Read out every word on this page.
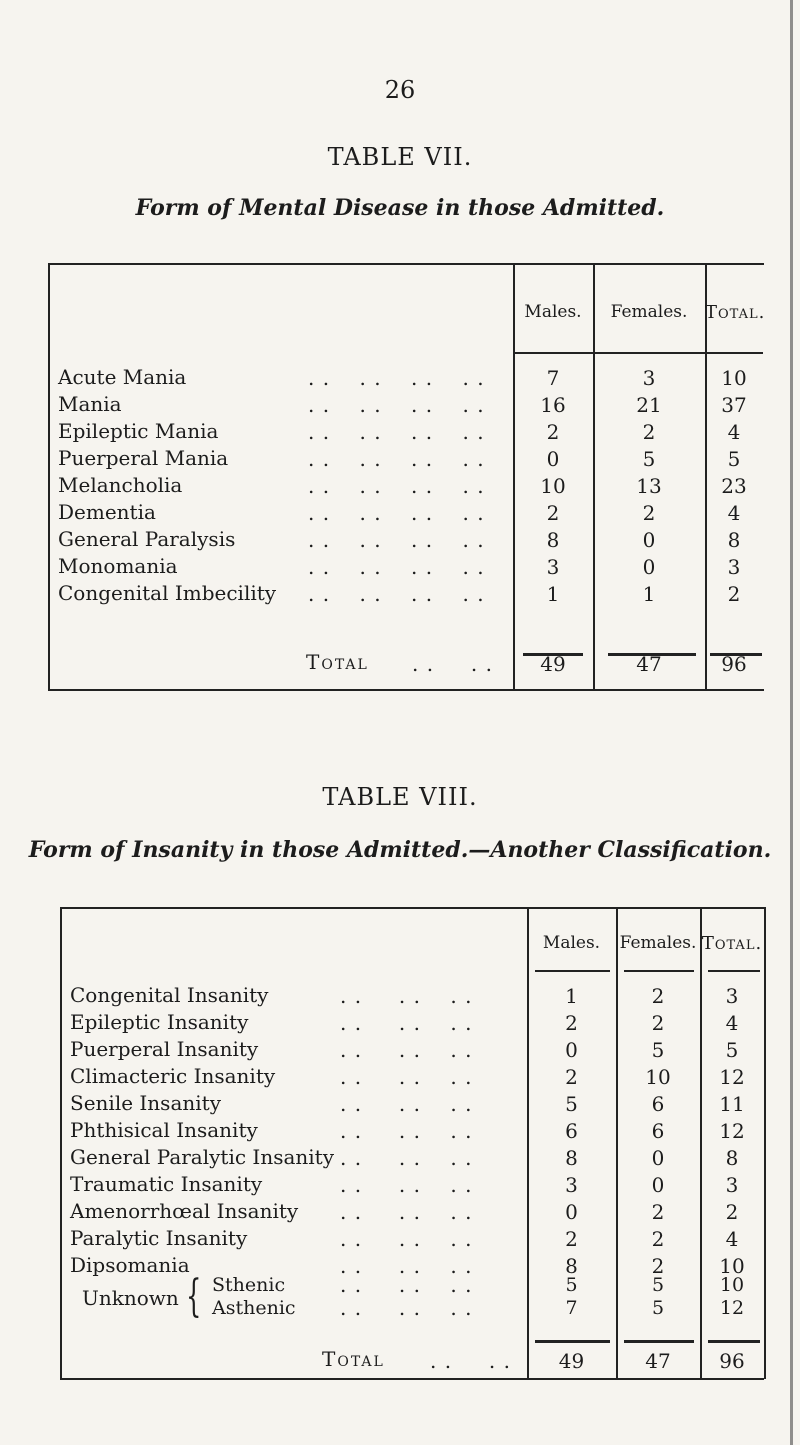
26
TABLE VII.
Form of Mental Disease in those Admitted.
Males.	Females. Total.
Acute Mania	. .    . .    . .    . .	7	3	10
Mania	. .    . .    . .    . .	16	21	37
Epileptic Mania	. .    . .    . .    . .	2	2	4
Puerperal Mania	. .    . .    . .    . .	0	5	5
Melancholia	. .    . .    . .    . .	10	13	23
Dementia	. .    . .    . .    . .	2	2	4
General Paralysis	. .    . .    . .    . .	8	0	8
Monomania	. .    . .    . .    . .	3	0	3
Congenital Imbecility . .    . .    . .    . .	1	1	2
Total . .     . .	49	47	96
TABLE VIII.
Form of Insanity in those Admitted.—Another Classification.
Males.	Females. Total.
Congenital Insanity	. .     . .    . .	1	2	3
Epileptic Insanity	. .     . .    . .	2	2	4
Puerperal Insanity	. .     . .    . .	0	5	5
Climacteric Insanity	. .     . .    . .	2	10	12
Senile Insanity	. .     . .    . .	5	6	11
Phthisical Insanity	. .     . .    . .	6	6	12
General Paralytic Insanity . .     . .    . .	8	0	8
Traumatic Insanity	. .     . .    . .	3	0	3
Amenorrhœal Insanity . .     . .    . .	0	2	2
Paralytic Insanity	. .     . .    . .	2	2	4
Dipsomania	. .     . .    . .	8	2	10
Unknown { Sthenic	. .     . .    . .	5	5	10
Asthenic . .     . .    . .	7	5	12
Total . .     . .	49	47	96
